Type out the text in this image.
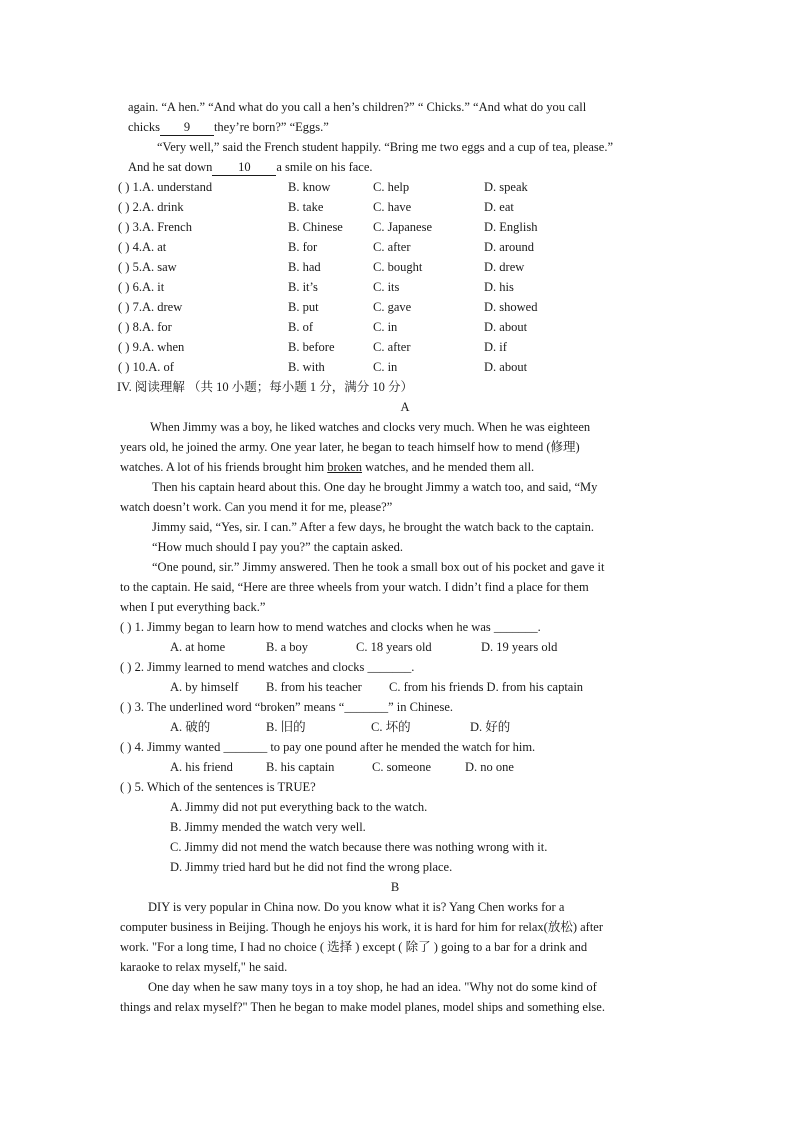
again. “A hen.” “And what do you call a hen’s children?” “ Chicks.” “And what do you call
chicks 9 they’re born?” “Eggs.”
“Very well,” said the French student happily. “Bring me two eggs and a cup of tea, please.”
And he sat down 10 a smile on his face.
( ) 1.A. understand	B. know	C. help	D. speak
( ) 2.A. drink	B. take	C. have	D. eat
( ) 3.A. French	B. Chinese C. Japanese	D. English
( ) 4.A. at	B. for	C. after	D. around
( ) 5.A. saw	B. had	C. bought	D. drew
( ) 6.A. it	B. it’s	C. its	D. his
( ) 7.A. drew	B. put	C. gave	D. showed
( ) 8.A. for	B. of	C. in	D. about
( ) 9.A. when	B. before	C. after	D. if
( ) 10.A. of	B. with	C. in	D. about
IV. 阅读理解 （共 10 小题；每小题 1 分，满分 10 分）
A
When Jimmy was a boy, he liked watches and clocks very much. When he was eighteen
years old, he joined the army. One year later, he began to teach himself how to mend (修理)
watches. A lot of his friends brought him broken watches, and he mended them all.
Then his captain heard about this. One day he brought Jimmy a watch too, and said, “My
watch doesn’t work. Can you mend it for me, please?”
Jimmy said, “Yes, sir. I can.” After a few days, he brought the watch back to the captain.
“How much should I pay you?” the captain asked.
“One pound, sir.” Jimmy answered. Then he took a small box out of his pocket and gave it
to the captain. He said, “Here are three wheels from your watch. I didn’t find a place for them
when I put everything back.”
( ) 1. Jimmy began to learn how to mend watches and clocks when he was _______.
A. at home	B. a boy	C. 18 years old	D. 19 years old
( ) 2. Jimmy learned to mend watches and clocks _______.
A. by himself B. from his teacher C. from his friends D. from his captain
( ) 3. The underlined word “broken” means “_______” in Chinese.
A. 破的	B. 旧的	C. 坏的	D. 好的
( ) 4. Jimmy wanted _______ to pay one pound after he mended the watch for him.
A. his friend	B. his captain	C. someone	D. no one
( ) 5. Which of the sentences is TRUE?
A. Jimmy did not put everything back to the watch.
B. Jimmy mended the watch very well.
C. Jimmy did not mend the watch because there was nothing wrong with it.
D. Jimmy tried hard but he did not find the wrong place.
B
DIY is very popular in China now. Do you know what it is? Yang Chen works for a
computer business in Beijing. Though he enjoys his work, it is hard for him for relax(放松) after
work. "For a long time, I had no choice ( 选择 ) except ( 除了 ) going to a bar for a drink and
karaoke to relax myself," he said.
One day when he saw many toys in a toy shop, he had an idea. "Why not do some kind of
things and relax myself?" Then he began to make model planes, model ships and something else.
